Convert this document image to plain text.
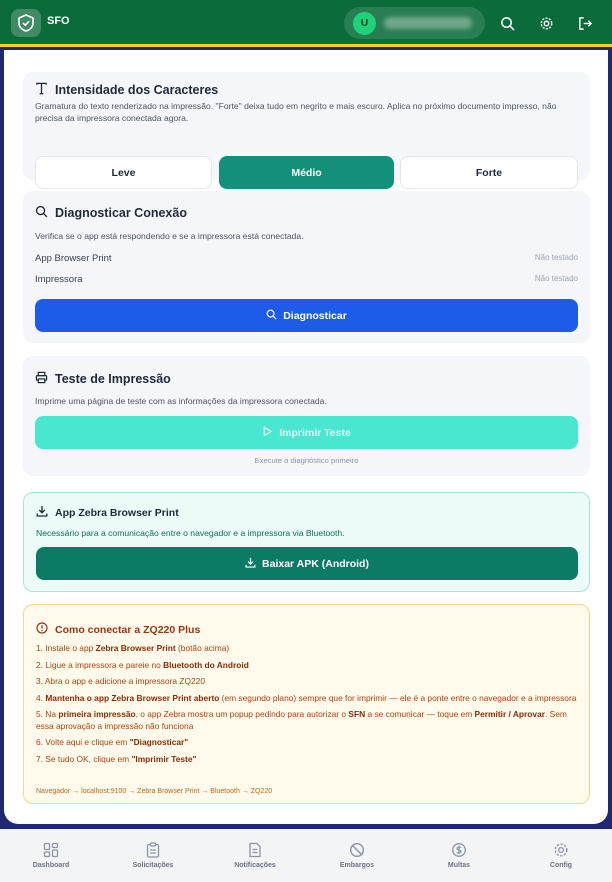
SFO	U
Intensidade dos Caracteres
Gramatura do texto renderizado na impressão. "Forte" deixa tudo em negrito e mais escuro. Aplica no próximo documento impresso, não precisa da impressora conectada agora.
Leve	Médio	Forte
Diagnosticar Conexão
Verifica se o app está respondendo e se a impressora está conectada.
App Browser Print	Não testado
Impressora	Não testado
Diagnosticar
Teste de Impressão
Imprime uma página de teste com as informações da impressora conectada.
Imprimir Teste
Execute o diagnóstico primeiro
App Zebra Browser Print
Necessário para a comunicação entre o navegador e a impressora via Bluetooth.
Baixar APK (Android)
Como conectar a ZQ220 Plus
1. Instale o app Zebra Browser Print (botão acima)
2. Ligue a impressora e pareie no Bluetooth do Android
3. Abra o app e adicione a impressora ZQ220
4. Mantenha o app Zebra Browser Print aberto (em segundo plano) sempre que for imprimir — ele é a ponte entre o navegador e a impressora
5. Na primeira impressão, o app Zebra mostra um popup pedindo para autorizar o SFN a se comunicar — toque em Permitir / Aprovar. Sem essa aprovação a impressão não funciona
6. Volte aqui e clique em "Diagnosticar"
7. Se tudo OK, clique em "Imprimir Teste"
Navegador → localhost:9100 → Zebra Browser Print → Bluetooth → ZQ220
Dashboard	Solicitações	Notificações	Embargos	Multas	Config
